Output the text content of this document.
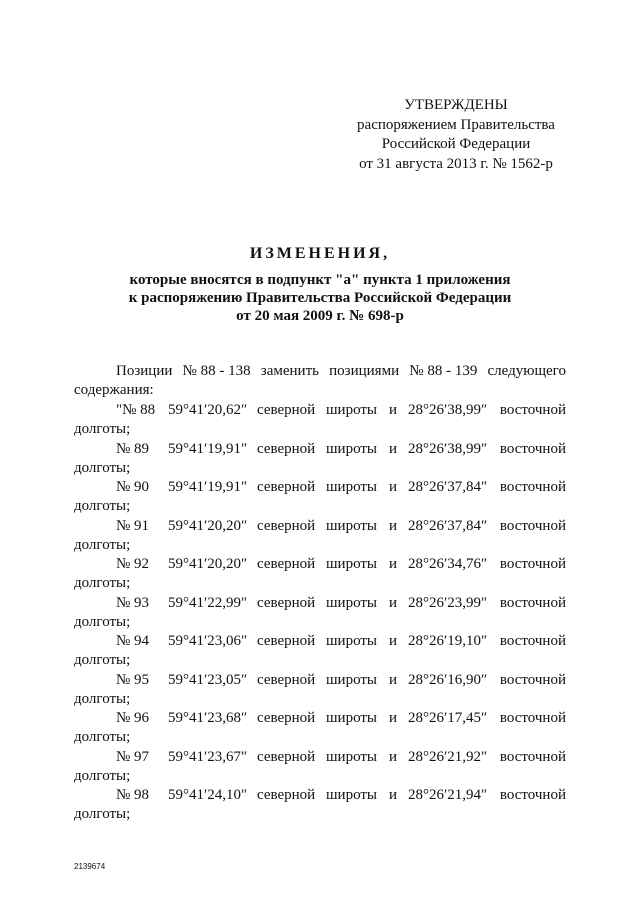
УТВЕРЖДЕНЫ
распоряжением Правительства
Российской Федерации
от 31 августа 2013 г. № 1562-р
ИЗМЕНЕНИЯ,
которые вносятся в подпункт "а" пункта 1 приложения
к распоряжению Правительства Российской Федерации
от 20 мая 2009 г. № 698-р
Позиции № 88 - 138 заменить позициями № 88 - 139 следующего
содержания:
"№ 88 59°41′20,62″ северной широты и 28°26′38,99″ восточной
долготы;
№ 89 59°41′19,91″ северной широты и 28°26′38,99″ восточной
долготы;
№ 90 59°41′19,91″ северной широты и 28°26′37,84″ восточной
долготы;
№ 91 59°41′20,20″ северной широты и 28°26′37,84″ восточной
долготы;
№ 92 59°41′20,20″ северной широты и 28°26′34,76″ восточной
долготы;
№ 93 59°41′22,99″ северной широты и 28°26′23,99″ восточной
долготы;
№ 94 59°41′23,06″ северной широты и 28°26′19,10″ восточной
долготы;
№ 95 59°41′23,05″ северной широты и 28°26′16,90″ восточной
долготы;
№ 96 59°41′23,68″ северной широты и 28°26′17,45″ восточной
долготы;
№ 97 59°41′23,67″ северной широты и 28°26′21,92″ восточной
долготы;
№ 98 59°41′24,10″ северной широты и 28°26′21,94″ восточной
долготы;
2139674
